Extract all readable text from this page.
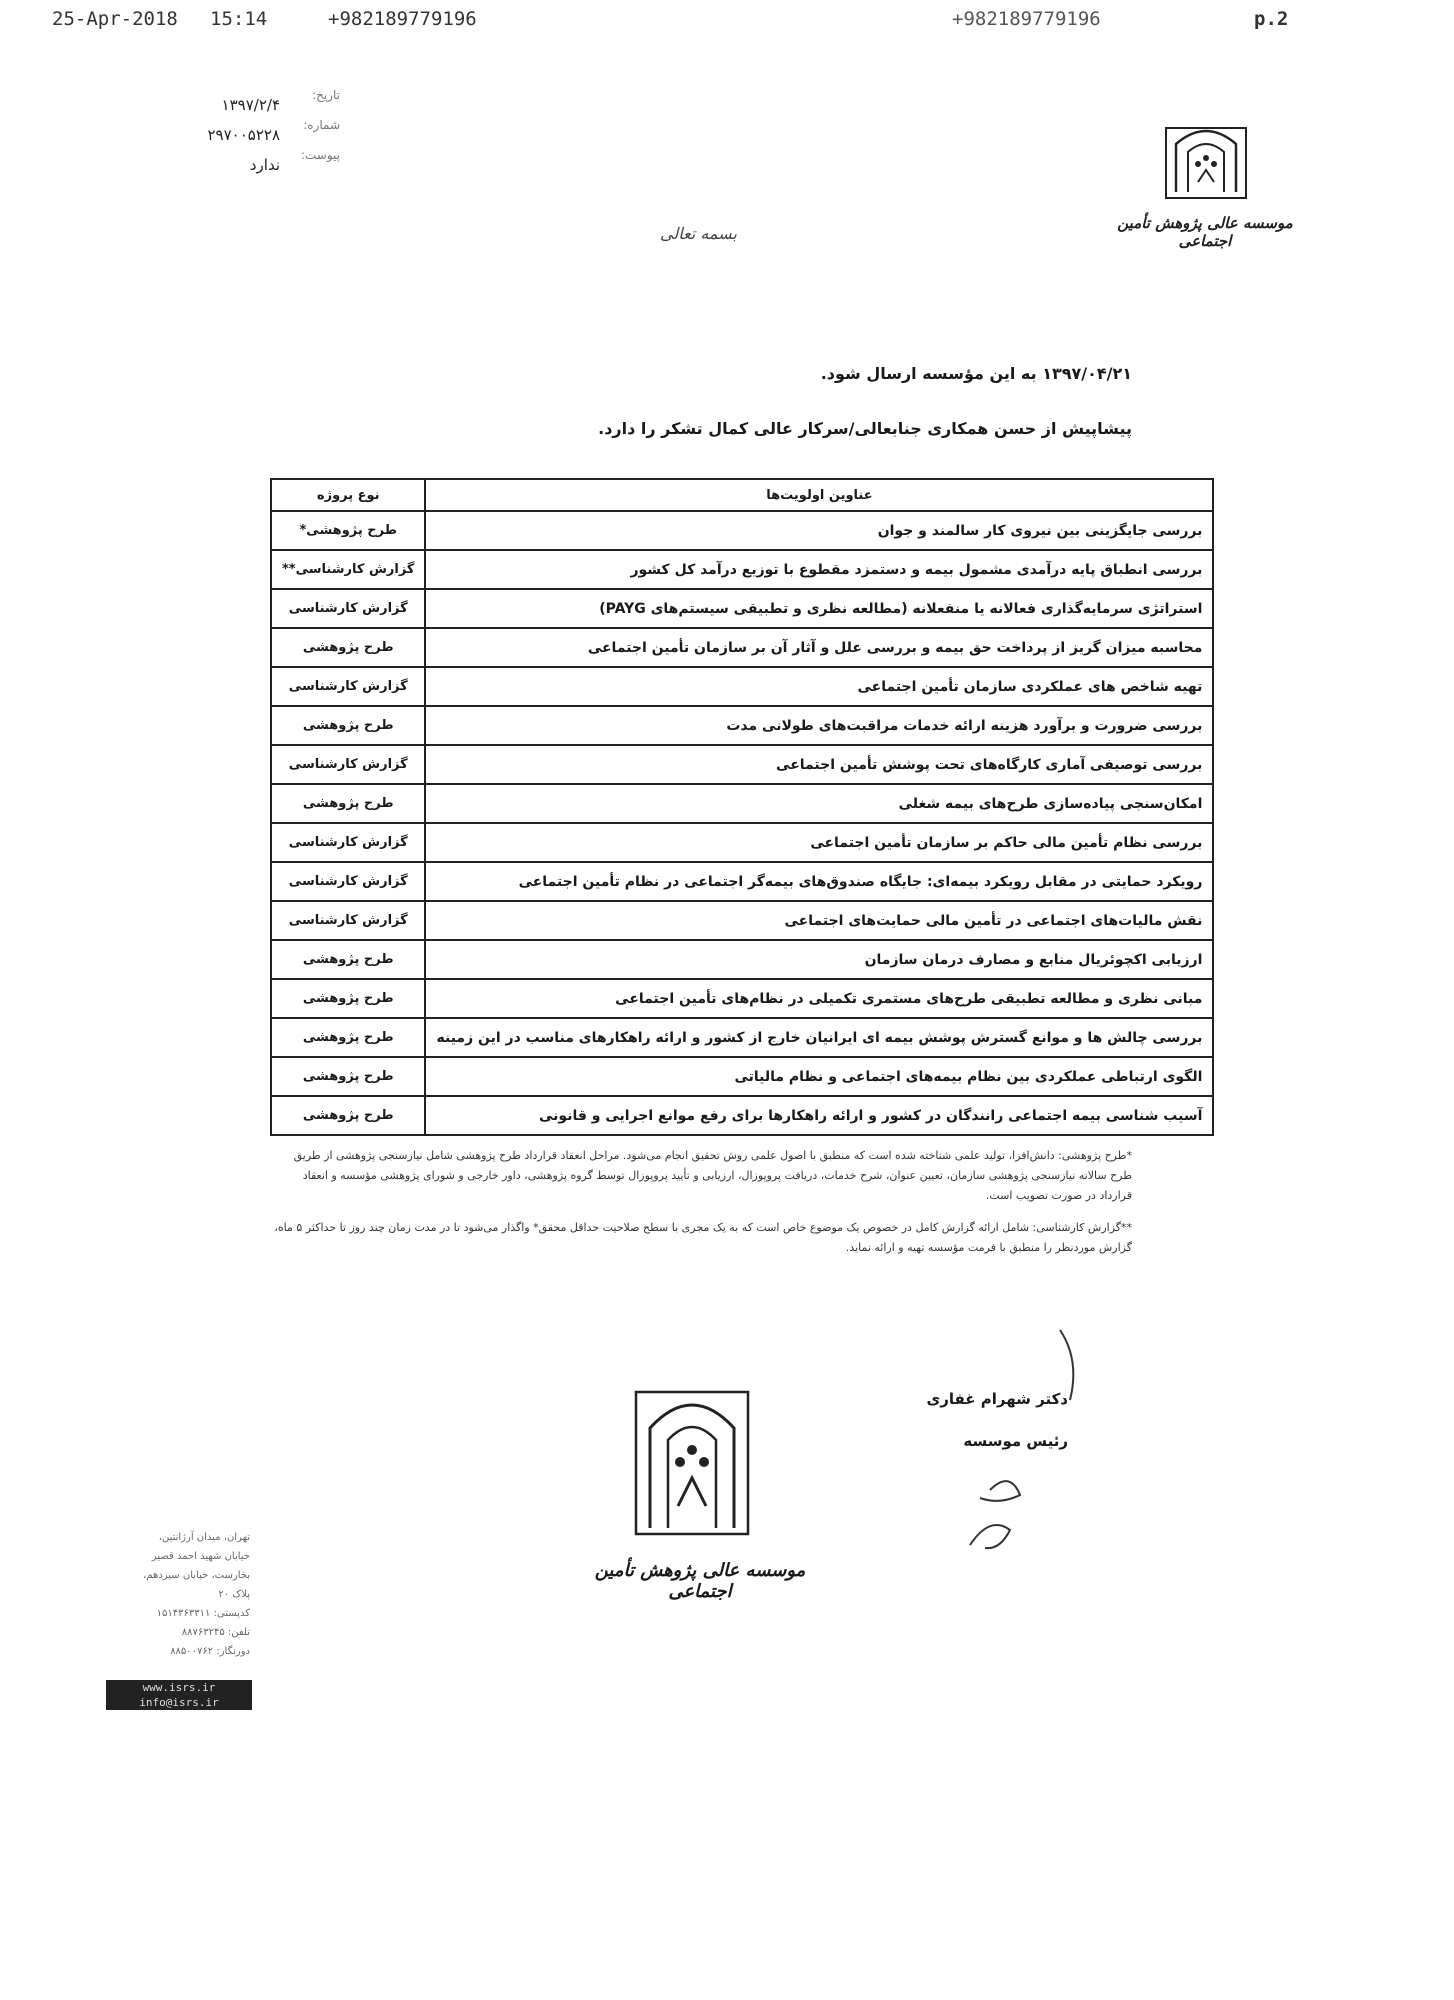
25-Apr-2018 15:14	+982189779196	+982189779196	p.2
تاریخ:
۱۳۹۷/۲/۴
شماره:
۲۹۷۰۰۵۲۲۸
پیوست:
ندارد
بسمه تعالی
موسسه عالی پژوهش تأمین اجتماعی
۱۳۹۷/۰۴/۲۱ به این مؤسسه ارسال شود.
پیشاپیش از حسن همکاری جنابعالی/سرکار عالی کمال تشکر را دارد.
عناوین اولویت‌ها	نوع پروژه
بررسی جایگزینی بین نیروی کار سالمند و جوان	طرح پژوهشی*
بررسی انطباق پایه درآمدی مشمول بیمه و دستمزد مقطوع با توزیع درآمد کل کشور	گزارش کارشناسی**
استراتژی سرمایه‌گذاری فعالانه یا منفعلانه (مطالعه نظری و تطبیقی سیستم‌های PAYG)	گزارش کارشناسی
محاسبه میزان گریز از پرداخت حق بیمه و بررسی علل و آثار آن بر سازمان تأمین اجتماعی	طرح پژوهشی
تهیه شاخص های عملکردی سازمان تأمین اجتماعی	گزارش کارشناسی
بررسی ضرورت و برآورد هزینه ارائه خدمات مراقبت‌های طولانی مدت	طرح پژوهشی
بررسی توصیفی آماری کارگاه‌های تحت پوشش تأمین اجتماعی	گزارش کارشناسی
امکان‌سنجی پیاده‌سازی طرح‌های بیمه شغلی	طرح پژوهشی
بررسی نظام تأمین مالی حاکم بر سازمان تأمین اجتماعی	گزارش کارشناسی
رویکرد حمایتی در مقابل رویکرد بیمه‌ای: جایگاه صندوق‌های بیمه‌گر اجتماعی در نظام تأمین اجتماعی	گزارش کارشناسی
نقش مالیات‌های اجتماعی در تأمین مالی حمایت‌های اجتماعی	گزارش کارشناسی
ارزیابی اکچوئریال منابع و مصارف درمان سازمان	طرح پژوهشی
مبانی نظری و مطالعه تطبیقی طرح‌های مستمری تکمیلی در نظام‌های تأمین اجتماعی	طرح پژوهشی
بررسی چالش ها و موانع گسترش پوشش بیمه ای ایرانیان خارج از کشور و ارائه راهکارهای مناسب در این زمینه	طرح پژوهشی
الگوی ارتباطی عملکردی بین نظام بیمه‌های اجتماعی و نظام مالیاتی	طرح پژوهشی
آسیب شناسی بیمه اجتماعی رانندگان در کشور و ارائه راهکارها برای رفع موانع اجرایی و قانونی	طرح پژوهشی

*طرح پژوهشی: دانش‌افزا، تولید علمی شناخته شده است که منطبق با اصول علمی روش تحقیق انجام می‌شود. مراحل انعقاد قرارداد طرح پژوهشی شامل نیازسنجی پژوهشی از طریق طرح سالانه نیازسنجی پژوهشی سازمان، تعیین عنوان، شرح خدمات، دریافت پروپوزال، ارزیابی و تأیید پروپوزال توسط گروه پژوهشی، داور خارجی و شورای پژوهشی مؤسسه و انعقاد قرارداد در صورت تصویب است.

**گزارش کارشناسی: شامل ارائه گزارش کامل در خصوص یک موضوع خاص است که به یک مجری با سطح صلاحیت حداقل محقق* واگذار می‌شود تا در مدت زمان چند روز تا حداکثر ۵ ماه، گزارش موردنظر را منطبق با فرمت مؤسسه تهیه و ارائه نماید.

دکتر شهرام غفاری
رئیس موسسه
موسسه عالی پژوهش تأمین اجتماعی
تهران، میدان آرژانتین،
خیابان شهید احمد قصیر
بخارست، خیابان سیزدهم،
پلاک ۲۰
کدپستی: ۱۵۱۴۳۶۳۳۱۱
تلفن: ۸۸۷۶۳۲۴۵
دورنگار: ۸۸۵۰۰۷۶۲
www.isrs.ir
info@isrs.ir
